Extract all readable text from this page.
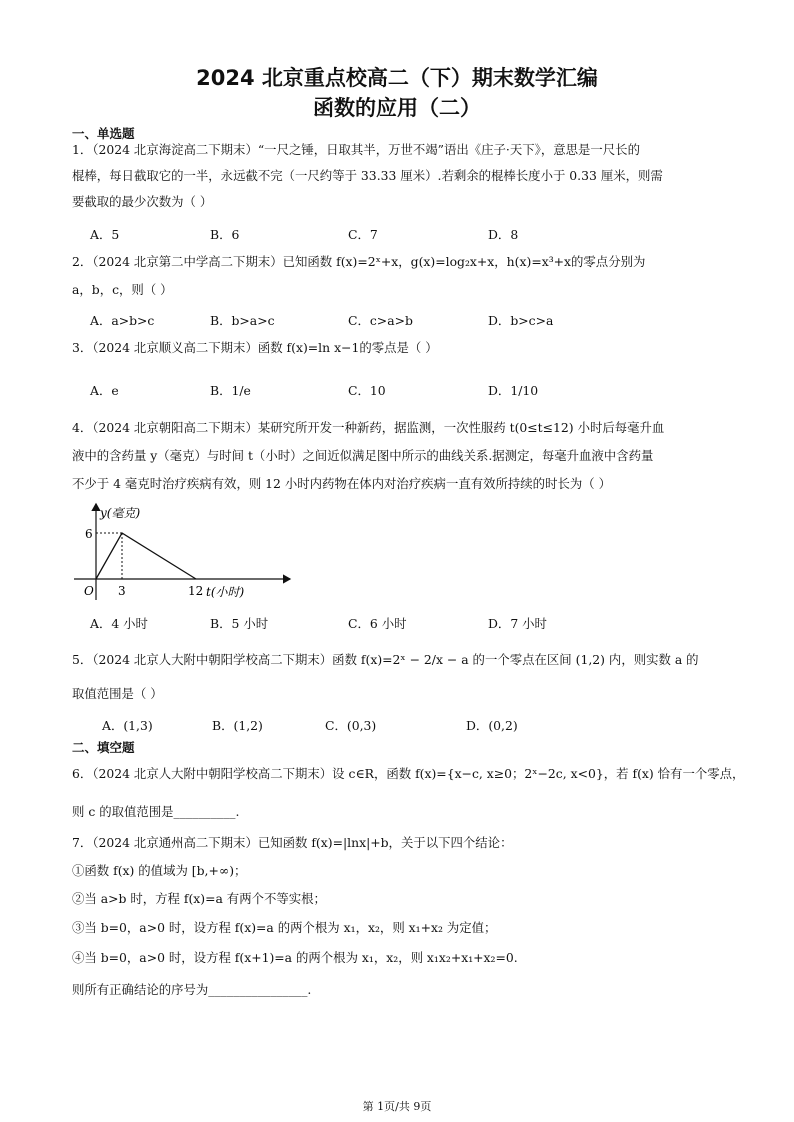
2024 北京重点校高二（下）期末数学汇编
函数的应用（二）
一、单选题
1．（2024 北京海淀高二下期末）“一尺之锤，日取其半，万世不竭”语出《庄子·天下》，意思是一尺长的
棍棒，每日截取它的一半，永远截不完（一尺约等于 33.33 厘米）.若剩余的棍棒长度小于 0.33 厘米，则需
要截取的最少次数为（ ）
A．5	B．6	C．7	D．8
2．（2024 北京第二中学高二下期末）已知函数 f(x)=2ˣ+x，g(x)=log₂x+x，h(x)=x³+x的零点分别为
a，b，c，则（ ）
A．a>b>c	B．b>a>c	C．c>a>b	D．b>c>a
3．（2024 北京顺义高二下期末）函数 f(x)=ln x−1的零点是（ ）
A．e	B．1/e	C．10	D．1/10
4．（2024 北京朝阳高二下期末）某研究所开发一种新药，据监测，一次性服药 t(0≤t≤12) 小时后每毫升血
液中的含药量 y（毫克）与时间 t（小时）之间近似满足图中所示的曲线关系.据测定，每毫升血液中含药量
不少于 4 毫克时治疗疾病有效，则 12 小时内药物在体内对治疗疾病一直有效所持续的时长为（ ）
y(毫克)
t(小时)
O
6
3	12
A．4 小时	B．5 小时	C．6 小时	D．7 小时
5．（2024 北京人大附中朝阳学校高二下期末）函数 f(x)=2ˣ − 2/x − a 的一个零点在区间 (1,2) 内，则实数 a 的
取值范围是（ ）
A．(1,3)	B．(1,2)	C．(0,3)	D．(0,2)
二、填空题
6．（2024 北京人大附中朝阳学校高二下期末）设 c∈R，函数 f(x)={x−c, x≥0；2ˣ−2c, x<0}，若 f(x) 恰有一个零点，
则 c 的取值范围是__________.
7．（2024 北京通州高二下期末）已知函数 f(x)=|lnx|+b，关于以下四个结论：
①函数 f(x) 的值域为 [b,+∞)；
②当 a>b 时，方程 f(x)=a 有两个不等实根；
③当 b=0，a>0 时，设方程 f(x)=a 的两个根为 x₁，x₂，则 x₁+x₂ 为定值；
④当 b=0，a>0 时，设方程 f(x+1)=a 的两个根为 x₁，x₂，则 x₁x₂+x₁+x₂=0.
则所有正确结论的序号为________________.
第 1页/共 9页
